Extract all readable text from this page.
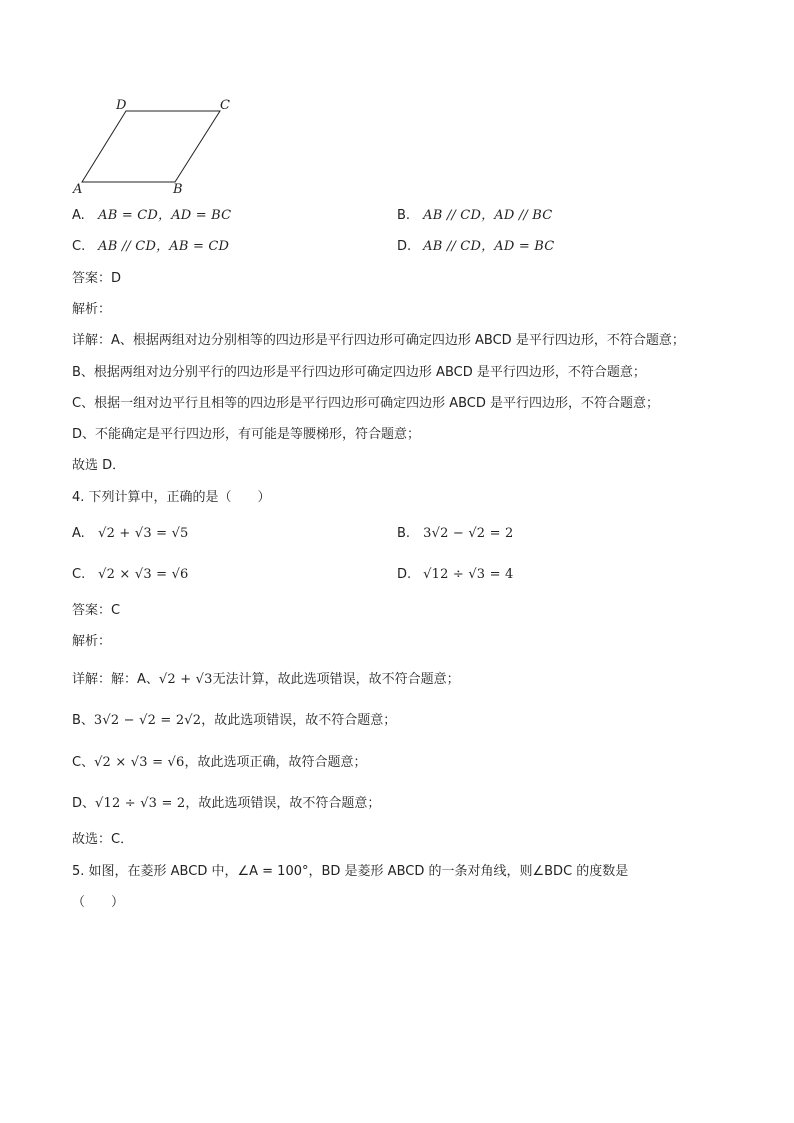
D	C
A	B
A. AB = CD，AD = BC	B. AB // CD，AD // BC
C. AB // CD，AB = CD	D. AB // CD，AD = BC
答案：D
解析：
详解：A、根据两组对边分别相等的四边形是平行四边形可确定四边形 ABCD 是平行四边形，不符合题意；
B、根据两组对边分别平行的四边形是平行四边形可确定四边形 ABCD 是平行四边形，不符合题意；
C、根据一组对边平行且相等的四边形是平行四边形可确定四边形 ABCD 是平行四边形，不符合题意；
D、不能确定是平行四边形，有可能是等腰梯形，符合题意；
故选 D．
4. 下列计算中，正确的是（　　）
A. √2 + √3 = √5	B. 3√2 − √2 = 2
C. √2 × √3 = √6	D. √12 ÷ √3 = 4
答案：C
解析：
详解：解：A、√2 + √3无法计算，故此选项错误，故不符合题意；
B、3√2 − √2 = 2√2，故此选项错误，故不符合题意；
C、√2 × √3 = √6，故此选项正确，故符合题意；
D、√12 ÷ √3 = 2，故此选项错误，故不符合题意；
故选：C．
5. 如图，在菱形 ABCD 中，∠A = 100°，BD 是菱形 ABCD 的一条对角线，则∠BDC 的度数是
（　　）
